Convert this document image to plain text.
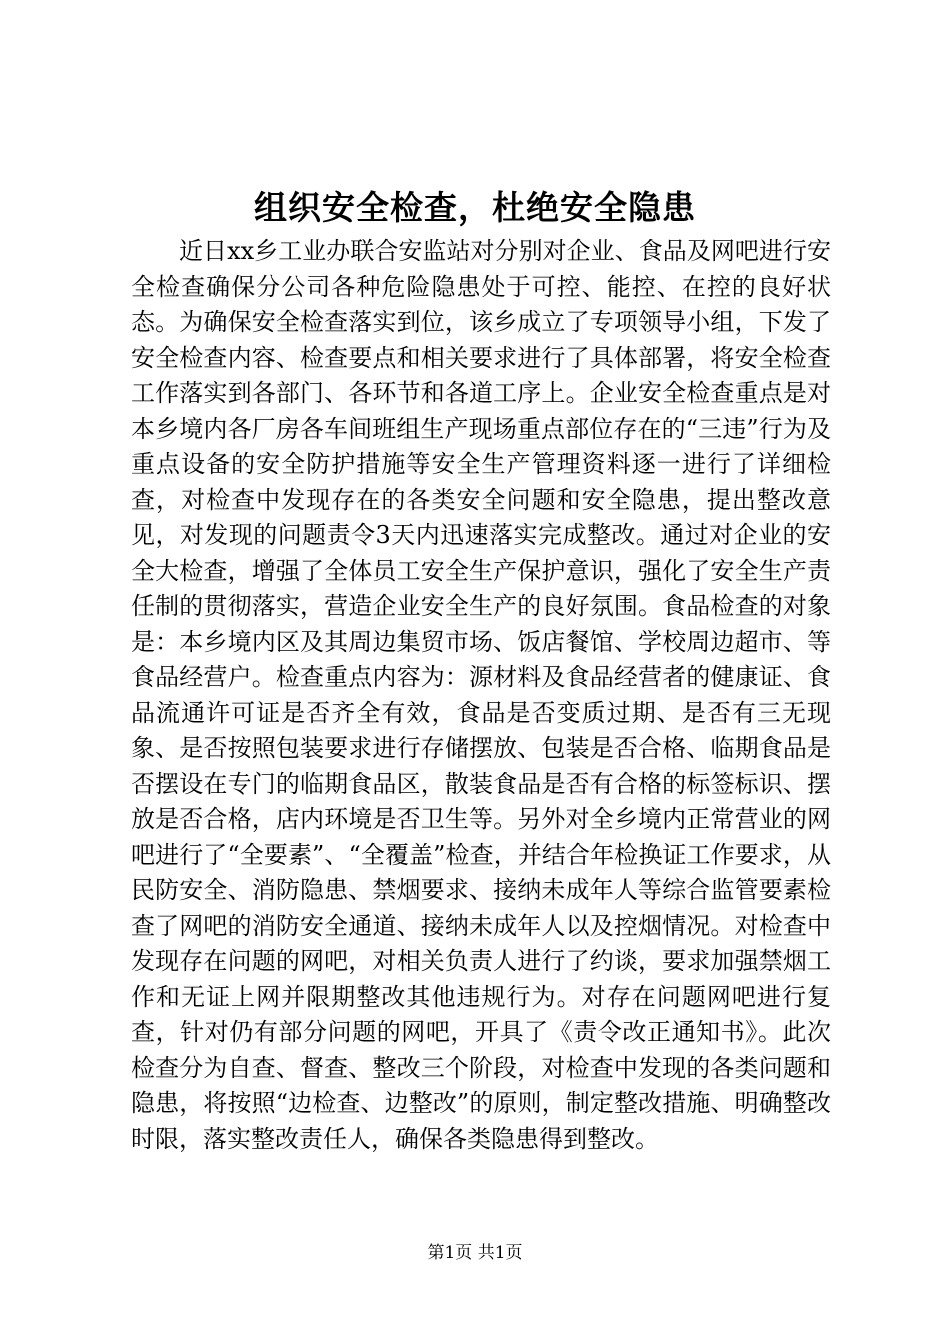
组织安全检查，杜绝安全隐患

近日xx乡工业办联合安监站对分别对企业、食品及网吧进行安全检查确保分公司各种危险隐患处于可控、能控、在控的良好状态。为确保安全检查落实到位，该乡成立了专项领导小组，下发了安全检查内容、检查要点和相关要求进行了具体部署，将安全检查工作落实到各部门、各环节和各道工序上。企业安全检查重点是对本乡境内各厂房各车间班组生产现场重点部位存在的“三违”行为及重点设备的安全防护措施等安全生产管理资料逐一进行了详细检查，对检查中发现存在的各类安全问题和安全隐患，提出整改意见，对发现的问题责令3天内迅速落实完成整改。通过对企业的安全大检查，增强了全体员工安全生产保护意识，强化了安全生产责任制的贯彻落实，营造企业安全生产的良好氛围。食品检查的对象是：本乡境内区及其周边集贸市场、饭店餐馆、学校周边超市、等食品经营户。检查重点内容为：源材料及食品经营者的健康证、食品流通许可证是否齐全有效，食品是否变质过期、是否有三无现象、是否按照包装要求进行存储摆放、包装是否合格、临期食品是否摆设在专门的临期食品区，散装食品是否有合格的标签标识、摆放是否合格，店内环境是否卫生等。另外对全乡境内正常营业的网吧进行了“全要素”、“全覆盖”检查，并结合年检换证工作要求，从民防安全、消防隐患、禁烟要求、接纳未成年人等综合监管要素检查了网吧的消防安全通道、接纳未成年人以及控烟情况。对检查中发现存在问题的网吧，对相关负责人进行了约谈，要求加强禁烟工作和无证上网并限期整改其他违规行为。对存在问题网吧进行复查，针对仍有部分问题的网吧，开具了《责令改正通知书》。此次检查分为自查、督查、整改三个阶段，对检查中发现的各类问题和隐患，将按照“边检查、边整改”的原则，制定整改措施、明确整改时限，落实整改责任人，确保各类隐患得到整改。

第1页 共1页
